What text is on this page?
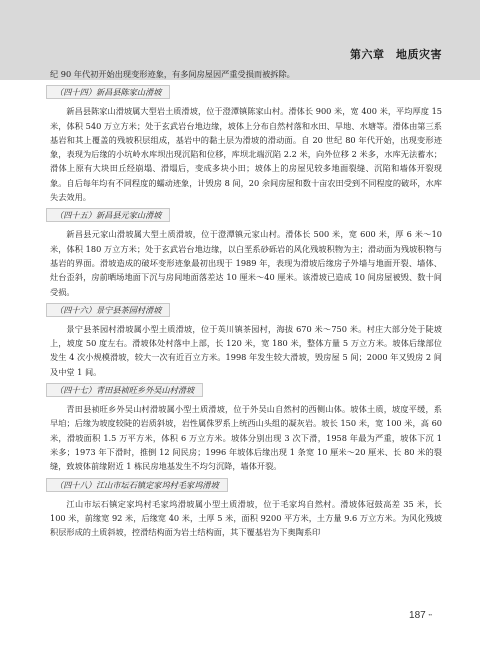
第六章　地质灾害

纪 90 年代初开始出现变形迹象，有多间房屋因严重受损而被拆除。

（四十四）新昌县陈家山滑坡

新昌县陈家山滑坡属大型岩土质滑坡，位于澄潭镇陈家山村。滑体长 900 米，宽 400 米，平均厚度 15 米，体积 540 万立方米；处于玄武岩台地边缘，坡体上分布自然村落和水田、旱地、水塘等。滑体由第三系基岩和其上覆盖的残坡积层组成，基岩中的黏土层为滑坡的滑动面。自 20 世纪 80 年代开始，出现变形迹象，表现为后缘的小坑岭水库坝出现沉陷和位移，库坝北端沉陷 2.2 米，向外位移 2 米多，水库无法蓄水；滑体上原有大块田丘经崩塌、滑塌后，变成多块小田；坡体上的房屋见较多地面裂缝、沉陷和墙体开裂现象。自后每年均有不同程度的蠕动迹象，计毁房 8 间，20 余间房屋和数十亩农田受到不同程度的破坏，水库失去效用。

（四十五）新昌县元家山滑坡

新昌县元家山滑坡属大型土质滑坡，位于澄潭镇元家山村。滑体长 500 米，宽 600 米，厚 6 米～10 米，体积 180 万立方米；处于玄武岩台地边缘，以白垩系砂砾岩的风化残坡积物为主；滑动面为残坡积物与基岩的界面。滑坡造成的破坏变形迹象最初出现于 1989 年，表现为滑坡后缘房子外墙与地面开裂、墙体、灶台歪斜，房前晒场地面下沉与房间地面落差达 10 厘米～40 厘米。该滑坡已造成 10 间房屋被毁、数十间受损。

（四十六）景宁县茶园村滑坡

景宁县茶园村滑坡属小型土质滑坡，位于英川镇茶园村，海拔 670 米～750 米。村庄大部分处于陡坡上，坡度 50 度左右。滑坡体处村落中上部，长 120 米，宽 180 米，整体方量 5 万立方米。坡体后缘部位发生 4 次小规模滑坡，较大一次有近百立方米。1998 年发生较大滑坡，毁房屋 5 间；2000 年又毁房 2 间及中堂 1 间。

（四十七）青田县祯旺乡外吴山村滑坡

青田县祯旺乡外吴山村滑坡属小型土质滑坡，位于外吴山自然村的西侧山体。坡体土质，坡度平缓，系早垍；后缘为坡度较陡的岩质斜坡，岩性属侏罗系上统西山头组的凝灰岩。坡长 150 米，宽 100 米，高 60 米，滑坡面积 1.5 万平方米，体积 6 万立方米。坡体分别出现 3 次下滑，1958 年最为严重，坡体下沉 1 米多；1973 年下滑时，推倒 12 间民房；1996 年坡体后缘出现 1 条宽 10 厘米～20 厘米、长 80 米的裂缝，致坡体前缘附近 1 栋民房地基发生不均匀沉降，墙体开裂。

（四十八）江山市坛石镇定家坞村毛家坞滑坡

江山市坛石镇定家坞村毛家坞滑坡属小型土质滑坡，位于毛家坞自然村。滑坡体冠鼓高差 35 米，长 100 米，前缘宽 92 米，后缘宽 40 米，土厚 5 米，面积 9200 平方米，土方量 9.6 万立方米。为风化残坡积层形成的土质斜坡，控滑结构面为岩土结构面，其下覆基岩为下奥陶系印

187 ••
